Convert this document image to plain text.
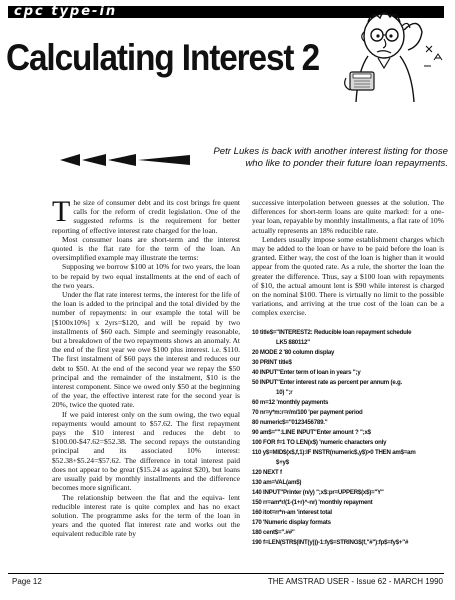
cpc type-in
Calculating Interest 2

Petr Lukes is back with another interest listing for those who like to ponder their future loan repayments.

The size of consumer debt and its cost brings fre quent calls for the reform of credit legislation. One of the suggested reforms is the requirement for better reporting of effective interest rate charged for the loan.

Most consumer loans are short-term and the interest quoted is the flat rate for the term of the loan. An oversimplified example may illustrate the terms:

Supposing we borrow $100 at 10% for two years, the loan to be repaid by two equal installments at the end of each of the two years.

Under the flat rate interest terms, the interest for the life of the loan is added to the principal and the total divided by the number of repayments: in our example the total will be [$100x10%] x 2yrs=$120, and will be repaid by two installments of $60 each. Simple and seemingly reasonable, but a breakdown of the two repayments shows an anomaly. At the end of the first year we owe $100 plus interest. i.e. $110. The first instalment of $60 pays the interest and reduces our debt to $50. At the end of the second year we repay the $50 principal and the remainder of the instalment, $10 is the interest component. Since we owed only $50 at the beginning of the year, the effective interest rate for the second year is 20%, twice the quoted rate.

If we paid interest only on the sum owing, the two equal repayments would amount to $57.62. The first repayment pays the $10 interest and reduces the debt to $100.00-$47.62=$52.38. The second repays the outstanding principal and its associated 10% interest: $52.38+$5.24=$57.62. The difference in total interest paid does not appear to be great ($15.24 as against $20), but loans are usually paid by monthly installments and the difference becomes more significant.

The relationship between the flat and the equiva- lent reducible interest rate is quite complex and has no exact solution. The programme asks for the term of the loan in years and the quoted flat interest rate and works out the equivalent reducible rate by

successive interpolation between guesses at the solution. The differences for short-term loans are quite marked: for a one-year loan, repayable by monthly installments, a flat rate of 10% actually represents an 18% reducible rate.

Lenders usually impose some establishment charges which may be added to the loan or have to be paid before the loan is granted. Either way, the cost of the loan is higher than it would appear from the quoted rate. As a rule, the shorter the loan the greater the difference. Thus, say a $100 loan with repayments of $10, the actual amount lent is $90 while interest is charged on the nominal $100. There is virtually no limit to the possible variations, and arriving at the true cost of the loan can be a complex exercise.

10 title$="INTEREST2: Reducible loan repayment schedule
LK5 880112"
20 MODE 2 '80 column display
30 PRINT title$
40 INPUT"Enter term of loan in years ";y
50 INPUT"Enter interest rate as percent per annum (e.g.
10) ";r
60 m=12 'monthly payments
70 nr=y*m:r=r/m/100 'per payment period
80 numeric$="0123456789."
90 am$="":LINE INPUT"Enter amount ? ";x$
100 FOR f=1 TO LEN(x$) 'numeric characters only
110 y$=MID$(x$,f,1):IF INSTR(numeric$,y$)>0 THEN am$=am
$+y$
120 NEXT f
130 am=VAL(am$)
140 INPUT"Printer (n/y) ";x$:pr=UPPER$(x$)="Y"
150 rr=am*r/(1-(1+r)^-nr) 'monthly repayment
160 itot=rr*n-am 'interest total
170 'Numeric display formats
180 cent$=".##"
190 f=LEN(STR$(INT(y)))-1:fy$=STRING$(f,"#"):fp$=fy$+"#
Page 12	THE AMSTRAD USER - Issue 62 - MARCH 1990
